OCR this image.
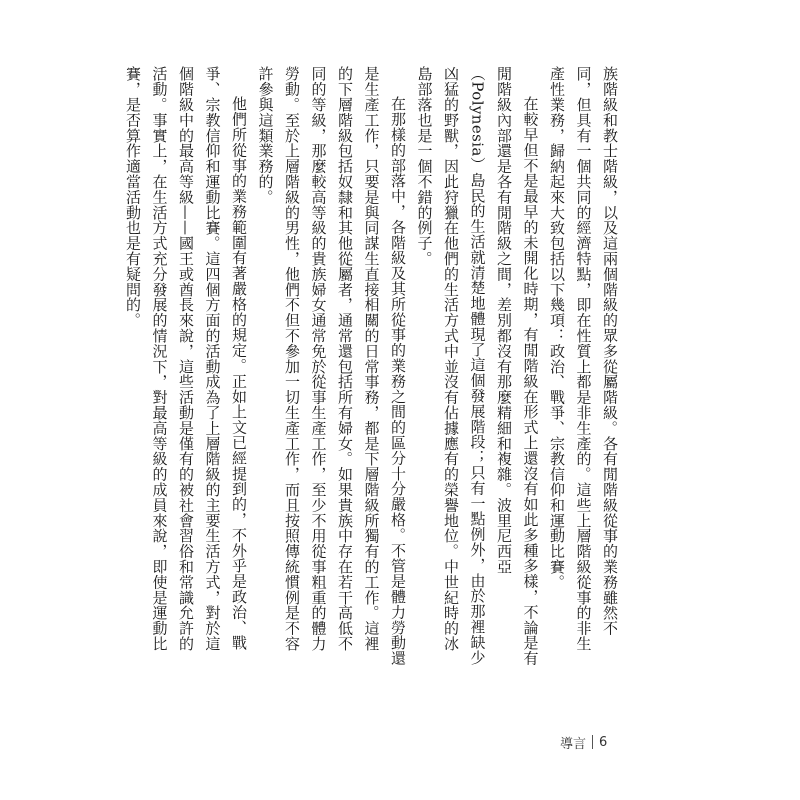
族階級和教士階級，以及這兩個階級的眾多從屬階級。各有閒階級從事的業務雖然不同，但具有一個共同的經濟特點，即在性質上都是非生產的。這些上層階級從事的非生產性業務，歸納起來大致包括以下幾項：政治、戰爭、宗教信仰和運動比賽。

在較早但不是最早的未開化時期，有閒階級在形式上還沒有如此多種多樣，不論是有閒階級內部還是各有閒階級之間，差別都沒有那麼精細和複雜。波里尼西亞（Polynesia）島民的生活就清楚地體現了這個發展階段；只有一點例外，由於那裡缺少凶猛的野獸，因此狩獵在他們的生活方式中並沒有佔據應有的榮譽地位。中世紀時的冰島部落也是一個不錯的例子。

在那樣的部落中，各階級及其所從事的業務之間的區分十分嚴格。不管是體力勞動還是生產工作，只要是與同謀生直接相關的日常事務，都是下層階級所獨有的工作。這裡的下層階級包括奴隸和其他從屬者，通常還包括所有婦女。如果貴族中存在若干高低不同的等級，那麼較高等級的貴族婦女通常免於從事生產工作，至少不用從事粗重的體力勞動。至於上層階級的男性，他們不但不參加一切生產工作，而且按照傳統慣例是不容許參與這類業務的。

他們所從事的業務範圍有著嚴格的規定。正如上文已經提到的，不外乎是政治、戰爭、宗教信仰和運動比賽。這四個方面的活動成為了上層階級的主要生活方式，對於這個階級中的最高等級——國王或酋長來說，這些活動是僅有的被社會習俗和常識允許的活動。事實上，在生活方式充分發展的情況下，對最高等級的成員來說，即使是運動比賽，是否算作適當活動也是有疑問的。

導言	6
